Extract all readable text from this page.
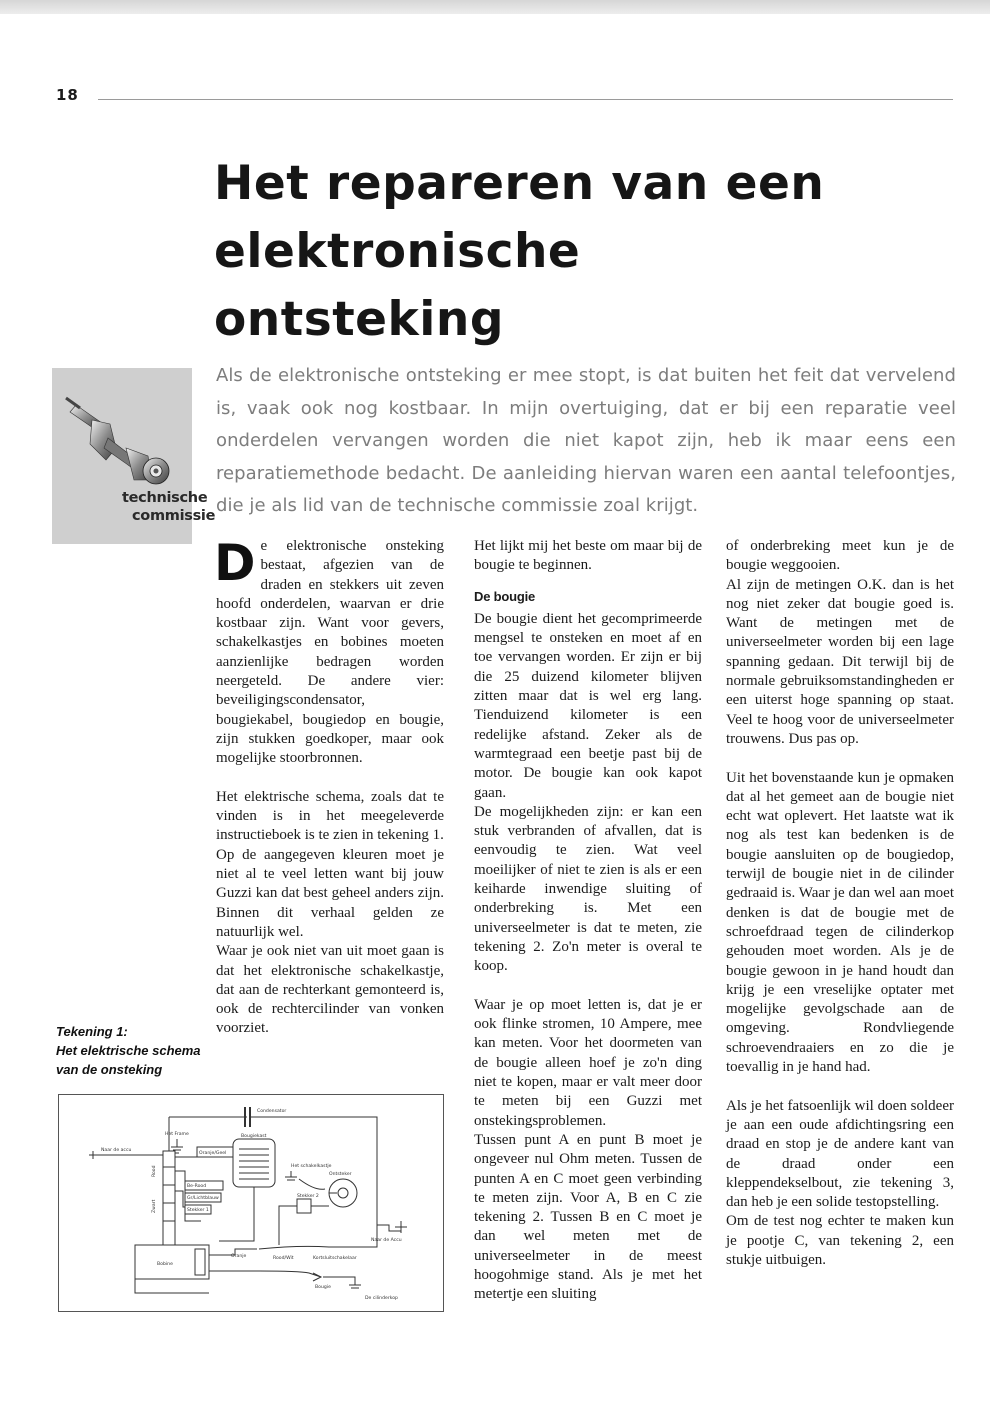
18
Het repareren van een
elektronische
ontsteking

Als de elektronische ontsteking er mee stopt, is dat buiten het feit dat vervelend is, vaak ook nog kostbaar. In mijn overtuiging, dat er bij een reparatie veel onderdelen vervangen worden die niet kapot zijn, heb ik maar eens een reparatiemethode bedacht. De aanleiding hiervan waren een aantal telefoontjes, die je als lid van de technische commissie zoal krijgt.

technische
commissie

De elektronische onsteking bestaat, afgezien van de draden en stekkers uit zeven hoofd onderdelen, waarvan er drie kostbaar zijn. Want voor gevers, schakelkastjes en bobines moeten aanzienlijke bedragen worden neergeteld. De andere vier: beveiligingscondensator, bougiekabel, bougiedop en bougie, zijn stukken goedkoper, maar ook mogelijke stoorbronnen.

Het elektrische schema, zoals dat te vinden is in het meegeleverde instructieboek is te zien in tekening 1.

Op de aangegeven kleuren moet je niet al te veel letten want bij jouw Guzzi kan dat best geheel anders zijn. Binnen dit verhaal gelden ze natuurlijk wel.

Waar je ook niet van uit moet gaan is dat het elektronische schakelkastje, dat aan de rechterkant gemonteerd is, ook de rechtercilinder van vonken voorziet.

Het lijkt mij het beste om maar bij de bougie te beginnen.

De bougie

De bougie dient het gecomprimeerde mengsel te onsteken en moet af en toe vervangen worden. Er zijn er bij die 25 duizend kilometer blijven zitten maar dat is wel erg lang. Tienduizend kilometer is een redelijke afstand. Zeker als de warmtegraad een beetje past bij de motor. De bougie kan ook kapot gaan.

De mogelijkheden zijn: er kan een stuk verbranden of afvallen, dat is eenvoudig te zien. Wat veel moeilijker of niet te zien is als er een keiharde inwendige sluiting of onderbreking is. Met een universeelmeter is dat te meten, zie tekening 2. Zo'n meter is overal te koop.

Waar je op moet letten is, dat je er ook flinke stromen, 10 Ampere, mee kan meten. Voor het doormeten van de bougie alleen hoef je zo'n ding niet te kopen, maar er valt meer door te meten bij een Guzzi met onstekingsproblemen.

Tussen punt A en punt B moet je ongeveer nul Ohm meten. Tussen de punten A en C moet geen verbinding te meten zijn. Voor A, B en C zie tekening 2. Tussen B en C moet je dan wel meten met de universeelmeter in de meest hoogohmige stand. Als je met het metertje een sluiting

of onderbreking meet kun je de bougie weggooien.

Al zijn de metingen O.K. dan is het nog niet zeker dat bougie goed is. Want de metingen met de universeelmeter worden bij een lage spanning gedaan. Dit terwijl bij de normale gebruiksomstandingheden er een uiterst hoge spanning op staat. Veel te hoog voor de universeelmeter trouwens. Dus pas op.

Uit het bovenstaande kun je opmaken dat al het gemeet aan de bougie niet echt wat oplevert. Het laatste wat ik nog als test kan bedenken is de bougie aansluiten op de bougiedop, terwijl de bougie niet in de cilinder gedraaid is. Waar je dan wel aan moet denken is dat de bougie met de schroefdraad tegen de cilinderkop gehouden moet worden. Als je de bougie gewoon in je hand houdt dan krijg je een vreselijke optater met mogelijke gevolgschade aan de omgeving. Rondvliegende schroevendraaiers en zo die je toevallig in je hand had.

Als je het fatsoenlijk wil doen soldeer je aan een oude afdichtingsring een draad en stop je de andere kant van de draad onder een kleppendekselbout, zie tekening 3, dan heb je een solide testopstelling.

Om de test nog echter te maken kun je pootje C, van tekening 2, een stukje uitbuigen.

Tekening 1:
Het elektrische schema
van de onsteking
Condensator
Naar de accu
Rood
Het Frame
Oranje/Geel
Zwart
Bougiekast
Be-Rood
Gr/Lichtblauw
Stekker 1
Het schakelkastje
Ontsteker
Stekker 2
Naar de Accu
Oranje
Bobine
Rood/Wit	Kortsluitschakelaar
Bougie
De cilinderkop
